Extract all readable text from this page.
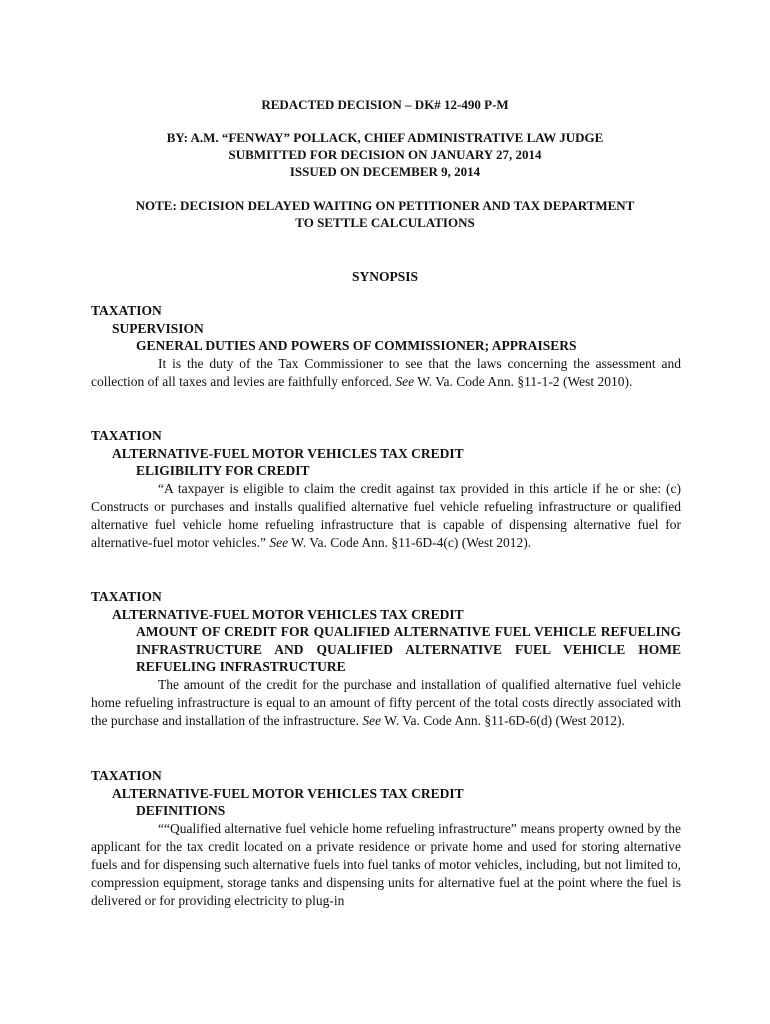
REDACTED DECISION – DK# 12-490 P-M

BY: A.M. “FENWAY” POLLACK, CHIEF ADMINISTRATIVE LAW JUDGE
SUBMITTED FOR DECISION ON JANUARY 27, 2014
ISSUED ON DECEMBER 9, 2014
NOTE: DECISION DELAYED WAITING ON PETITIONER AND TAX DEPARTMENT
TO SETTLE CALCULATIONS
SYNOPSIS
TAXATION
SUPERVISION
GENERAL DUTIES AND POWERS OF COMMISSIONER; APPRAISERS

It is the duty of the Tax Commissioner to see that the laws concerning the assessment and collection of all taxes and levies are faithfully enforced. See W. Va. Code Ann. §11-1-2 (West 2010).

TAXATION
ALTERNATIVE-FUEL MOTOR VEHICLES TAX CREDIT
ELIGIBILITY FOR CREDIT

“A taxpayer is eligible to claim the credit against tax provided in this article if he or she: (c) Constructs or purchases and installs qualified alternative fuel vehicle refueling infrastructure or qualified alternative fuel vehicle home refueling infrastructure that is capable of dispensing alternative fuel for alternative-fuel motor vehicles.” See W. Va. Code Ann. §11-6D-4(c) (West 2012).

TAXATION
ALTERNATIVE-FUEL MOTOR VEHICLES TAX CREDIT
AMOUNT OF CREDIT FOR QUALIFIED ALTERNATIVE FUEL VEHICLE REFUELING INFRASTRUCTURE AND QUALIFIED ALTERNATIVE FUEL VEHICLE HOME REFUELING INFRASTRUCTURE

The amount of the credit for the purchase and installation of qualified alternative fuel vehicle home refueling infrastructure is equal to an amount of fifty percent of the total costs directly associated with the purchase and installation of the infrastructure. See W. Va. Code Ann. §11-6D-6(d) (West 2012).

TAXATION
ALTERNATIVE-FUEL MOTOR VEHICLES TAX CREDIT
DEFINITIONS

““Qualified alternative fuel vehicle home refueling infrastructure” means property owned by the applicant for the tax credit located on a private residence or private home and used for storing alternative fuels and for dispensing such alternative fuels into fuel tanks of motor vehicles, including, but not limited to, compression equipment, storage tanks and dispensing units for alternative fuel at the point where the fuel is delivered or for providing electricity to plug-in
